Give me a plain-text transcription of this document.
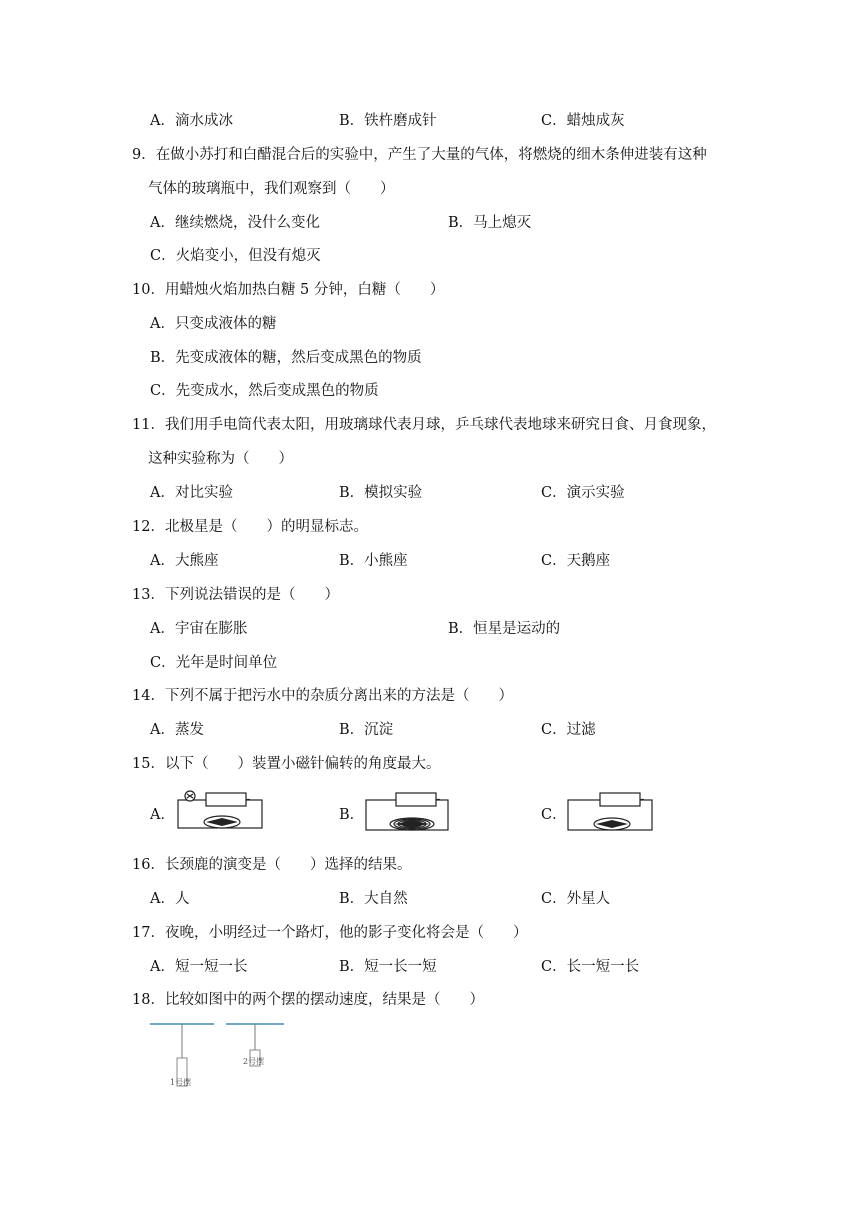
A．滴水成冰	B．铁杵磨成针	C．蜡烛成灰
9．在做小苏打和白醋混合后的实验中，产生了大量的气体，将燃烧的细木条伸进装有这种
气体的玻璃瓶中，我们观察到（　　）
A．继续燃烧，没什么变化	B．马上熄灭
C．火焰变小，但没有熄灭
10．用蜡烛火焰加热白糖 5 分钟，白糖（　　）
A．只变成液体的糖
B．先变成液体的糖，然后变成黑色的物质
C．先变成水，然后变成黑色的物质
11．我们用手电筒代表太阳，用玻璃球代表月球，乒乓球代表地球来研究日食、月食现象，
这种实验称为（　　）
A．对比实验	B．模拟实验	C．演示实验
12．北极星是（　　）的明显标志。
A．大熊座	B．小熊座	C．天鹅座
13．下列说法错误的是（　　）
A．宇宙在膨胀	B．恒星是运动的
C．光年是时间单位
14．下列不属于把污水中的杂质分离出来的方法是（　　）
A．蒸发	B．沉淀	C．过滤
15．以下（　　）装置小磁针偏转的角度最大。
A．	B．	C．
16．长颈鹿的演变是（　　）选择的结果。
A．人	B．大自然	C．外星人
17．夜晚，小明经过一个路灯，他的影子变化将会是（　　）
A．短一短一长	B．短一长一短	C．长一短一长
18．比较如图中的两个摆的摆动速度，结果是（　　）
1号摆
2号摆
